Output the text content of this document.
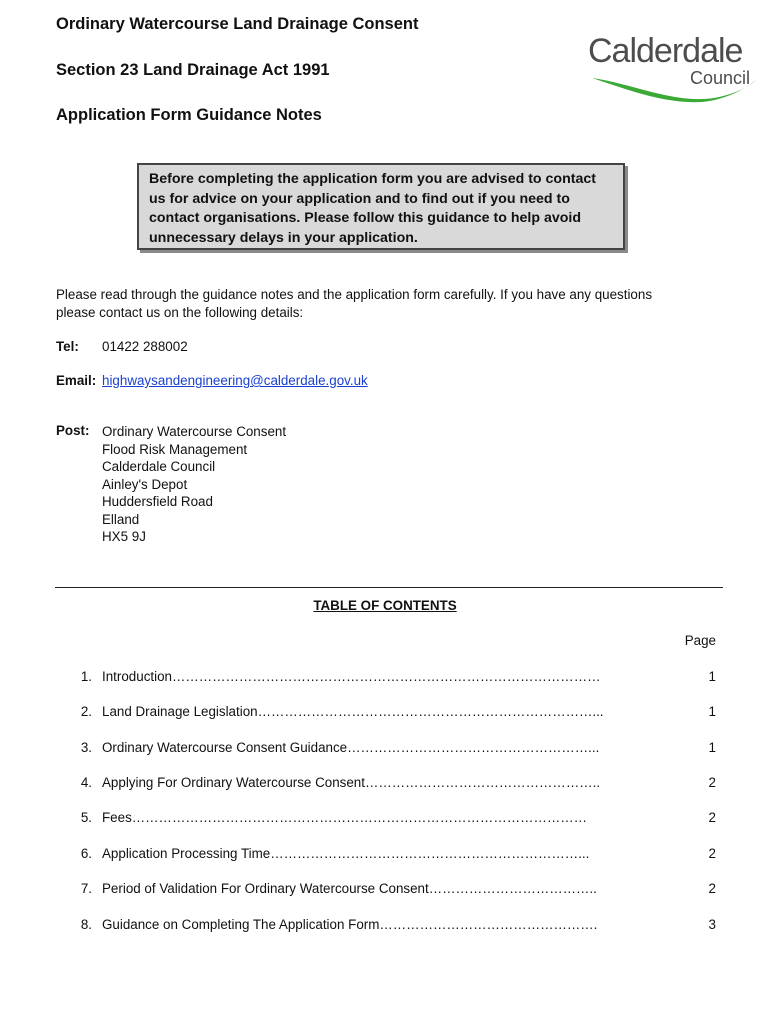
Ordinary Watercourse Land Drainage Consent
Section 23 Land Drainage Act 1991
Application Form Guidance Notes
Calderdale
Council
Before completing the application form you are advised to contact us for advice on your application and to find out if you need to contact organisations. Please follow this guidance to help avoid unnecessary delays in your application.
Please read through the guidance notes and the application form carefully. If you have any questions please contact us on the following details:
Tel: 01422 288002
Email: highwaysandengineering@calderdale.gov.uk
Post: Ordinary Watercourse Consent
Flood Risk Management
Calderdale Council
Ainley's Depot
Huddersfield Road
Elland
HX5 9J
TABLE OF CONTENTS
Page
1. Introduction……………………………………………………………………………………	1
2. Land Drainage Legislation…………………………………………………………………...	1
3. Ordinary Watercourse Consent Guidance………………………………………………...	1
4. Applying For Ordinary Watercourse Consent……………………………………………..	2
5. Fees…………………………………………………………………………………………	2
6. Application Processing Time……………………………………………………………...	2
7. Period of Validation For Ordinary Watercourse Consent………………………………..	2
8. Guidance on Completing The Application Form………………………………………….	3
